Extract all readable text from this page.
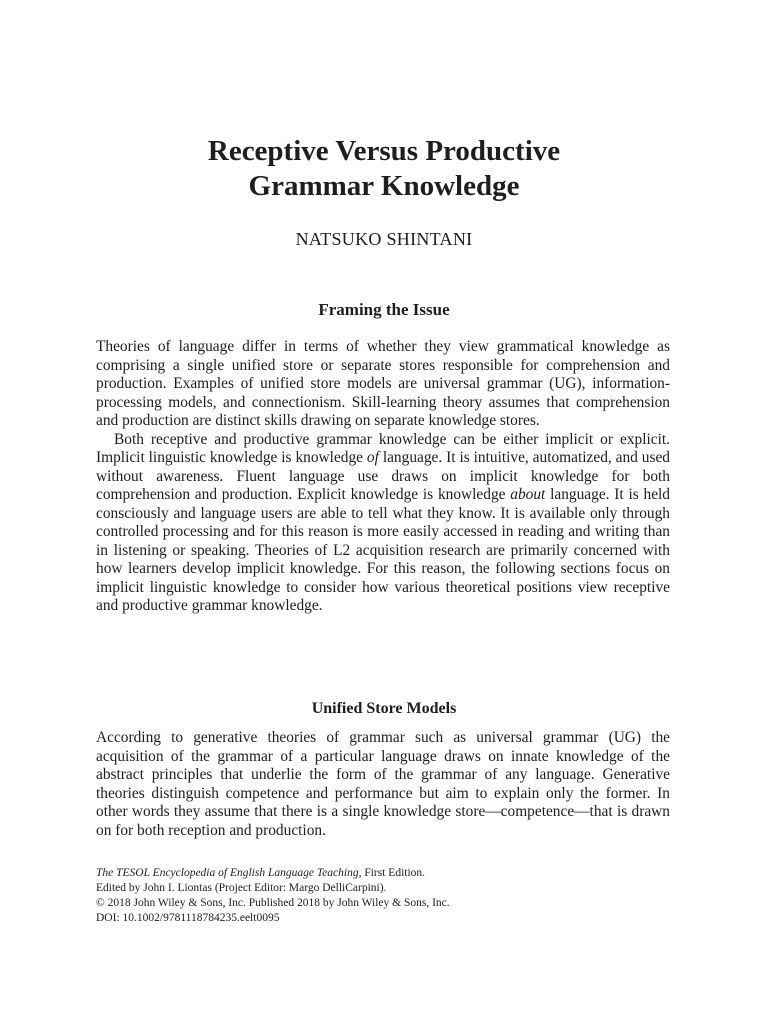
Receptive Versus Productive
Grammar Knowledge
NATSUKO SHINTANI
Framing the Issue

Theories of language differ in terms of whether they view grammatical knowledge as comprising a single unified store or separate stores responsible for comprehension and production. Examples of unified store models are universal grammar (UG), information-processing models, and connectionism. Skill-learning theory assumes that comprehension and production are distinct skills drawing on separate knowledge stores.

Both receptive and productive grammar knowledge can be either implicit or explicit. Implicit linguistic knowledge is knowledge of language. It is intuitive, automatized, and used without awareness. Fluent language use draws on implicit knowledge for both comprehension and production. Explicit knowledge is knowledge about language. It is held consciously and language users are able to tell what they know. It is available only through controlled processing and for this reason is more easily accessed in reading and writing than in listening or speaking. Theories of L2 acquisition research are primarily concerned with how learners develop implicit knowledge. For this reason, the following sections focus on implicit linguistic knowledge to consider how various theoretical positions view receptive and productive grammar knowledge.

Unified Store Models

According to generative theories of grammar such as universal grammar (UG) the acquisition of the grammar of a particular language draws on innate knowledge of the abstract principles that underlie the form of the grammar of any language. Generative theories distinguish competence and performance but aim to explain only the former. In other words they assume that there is a single knowledge store—competence—that is drawn on for both reception and production.

The TESOL Encyclopedia of English Language Teaching, First Edition.
Edited by John I. Liontas (Project Editor: Margo DelliCarpini).
© 2018 John Wiley & Sons, Inc. Published 2018 by John Wiley & Sons, Inc.
DOI: 10.1002/9781118784235.eelt0095
